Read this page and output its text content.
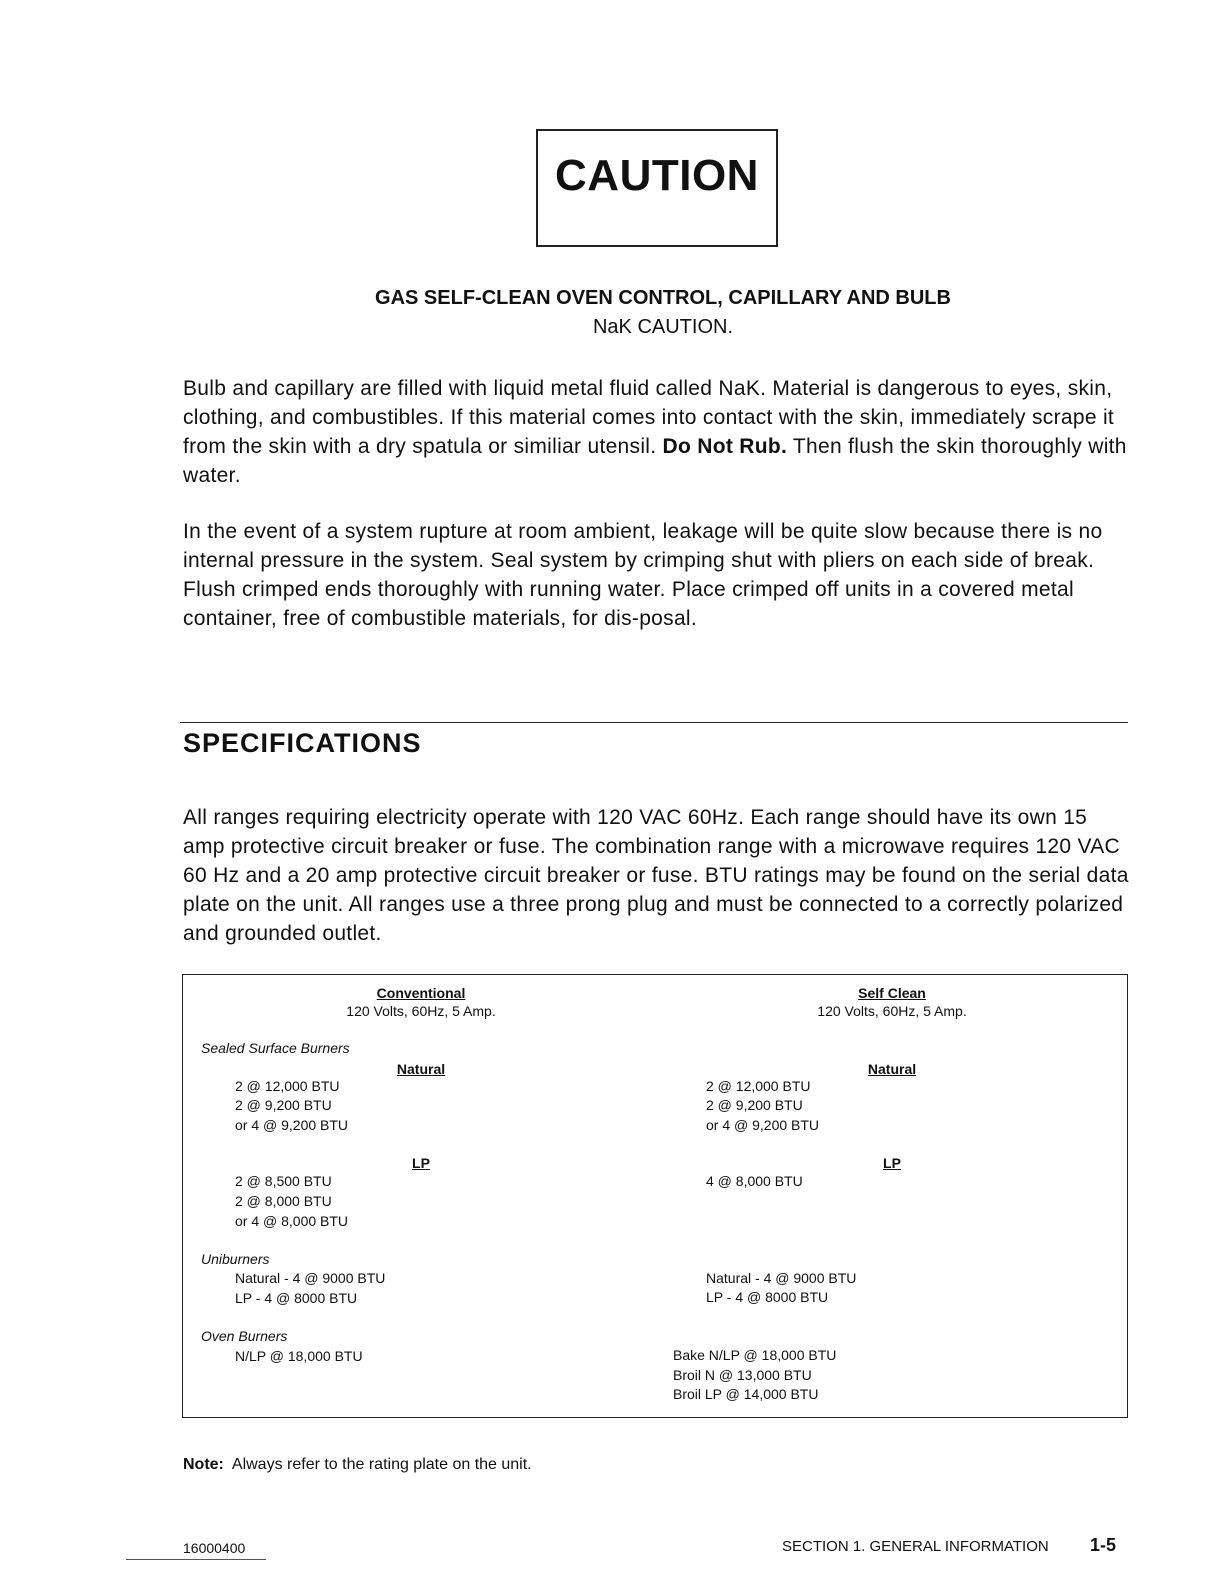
CAUTION
GAS SELF-CLEAN OVEN CONTROL, CAPILLARY AND BULB
NaK CAUTION.
Bulb and capillary are filled with liquid metal fluid called NaK. Material is dangerous to eyes, skin, clothing, and combustibles. If this material comes into contact with the skin, immediately scrape it from the skin with a dry spatula or similiar utensil. Do Not Rub. Then flush the skin thoroughly with water.
In the event of a system rupture at room ambient, leakage will be quite slow because there is no internal pressure in the system. Seal system by crimping shut with pliers on each side of break. Flush crimped ends thoroughly with running water. Place crimped off units in a covered metal container, free of combustible materials, for dis-posal.
SPECIFICATIONS
All ranges requiring electricity operate with 120 VAC 60Hz. Each range should have its own 15 amp protective circuit breaker or fuse. The combination range with a microwave requires 120 VAC 60 Hz and a 20 amp protective circuit breaker or fuse. BTU ratings may be found on the serial data plate on the unit. All ranges use a three prong plug and must be connected to a correctly polarized and grounded outlet.
Conventional
120 Volts, 60Hz, 5 Amp.
Sealed Surface Burners
Natural
2 @ 12,000 BTU
2 @ 9,200 BTU
or 4 @ 9,200 BTU
LP
2 @ 8,500 BTU
2 @ 8,000 BTU
or 4 @ 8,000 BTU
Uniburners
Natural - 4 @ 9000 BTU
LP - 4 @ 8000 BTU
Oven Burners
N/LP @ 18,000 BTU
Self Clean
120 Volts, 60Hz, 5 Amp.
Natural
2 @ 12,000 BTU
2 @ 9,200 BTU
or 4 @ 9,200 BTU
LP
4 @ 8,000 BTU
Natural - 4 @ 9000 BTU
LP - 4 @ 8000 BTU
Bake N/LP @ 18,000 BTU
Broil N @ 13,000 BTU
Broil LP @ 14,000 BTU
Note: Always refer to the rating plate on the unit.
16000400	SECTION 1. GENERAL INFORMATION 1-5
